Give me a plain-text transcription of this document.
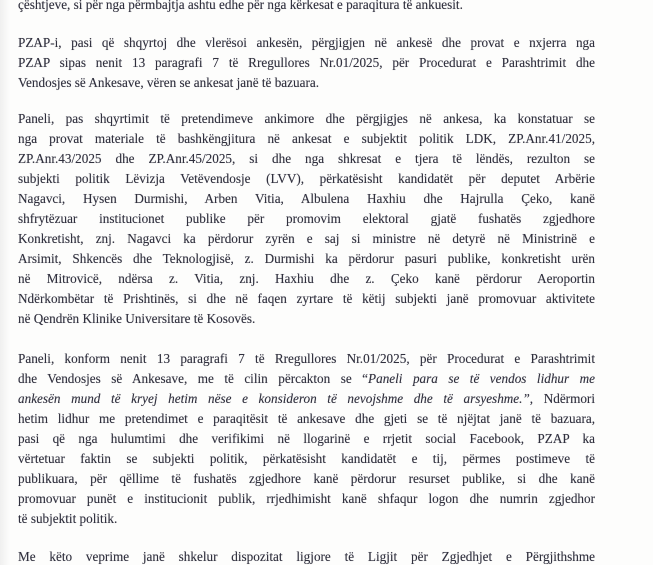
çështjeve, si për nga përmbajtja ashtu edhe për nga kërkesat e paraqitura të ankuesit.
PZAP-i, pasi që shqyrtoj dhe vlerësoi ankesën, përgjigjen në ankesë dhe provat e nxjerra nga
PZAP sipas nenit 13 paragrafi 7 të Rregullores Nr.01/2025, për Procedurat e Parashtrimit dhe
Vendosjes së Ankesave, vëren se ankesat janë të bazuara.
Paneli, pas shqyrtimit të pretendimeve ankimore dhe përgjigjes në ankesa, ka konstatuar se
nga provat materiale të bashkëngjitura në ankesat e subjektit politik LDK, ZP.Anr.41/2025,
ZP.Anr.43/2025 dhe ZP.Anr.45/2025, si dhe nga shkresat e tjera të lëndës, rezulton se
subjekti politik Lëvizja Vetëvendosje (LVV), përkatësisht kandidatët për deputet Arbërie
Nagavci, Hysen Durmishi, Arben Vitia, Albulena Haxhiu dhe Hajrulla Çeko, kanë
shfrytëzuar institucionet publike për promovim elektoral gjatë fushatës zgjedhore
Konkretisht, znj. Nagavci ka përdorur zyrën e saj si ministre në detyrë në Ministrinë e
Arsimit, Shkencës dhe Teknologjisë, z. Durmishi ka përdorur pasuri publike, konkretisht urën
në Mitrovicë, ndërsa z. Vitia, znj. Haxhiu dhe z. Çeko kanë përdorur Aeroportin
Ndërkombëtar të Prishtinës, si dhe në faqen zyrtare të këtij subjekti janë promovuar aktivitete
në Qendrën Klinike Universitare të Kosovës.
Paneli, konform nenit 13 paragrafi 7 të Rregullores Nr.01/2025, për Procedurat e Parashtrimit
dhe Vendosjes së Ankesave, me të cilin përcakton se “Paneli para se të vendos lidhur me
ankesën mund të kryej hetim nëse e konsideron të nevojshme dhe të arsyeshme.”, Ndërmori
hetim lidhur me pretendimet e paraqitësit të ankesave dhe gjeti se të njëjtat janë të bazuara,
pasi që nga hulumtimi dhe verifikimi në llogarinë e rrjetit social Facebook, PZAP ka
vërtetuar faktin se subjekti politik, përkatësisht kandidatët e tij, përmes postimeve të
publikuara, për qëllime të fushatës zgjedhore kanë përdorur resurset publike, si dhe kanë
promovuar punët e institucionit publik, rrjedhimisht kanë shfaqur logon dhe numrin zgjedhor
të subjektit politik.
Me këto veprime janë shkelur dispozitat ligjore të Ligjit për Zgjedhjet e Përgjithshme
